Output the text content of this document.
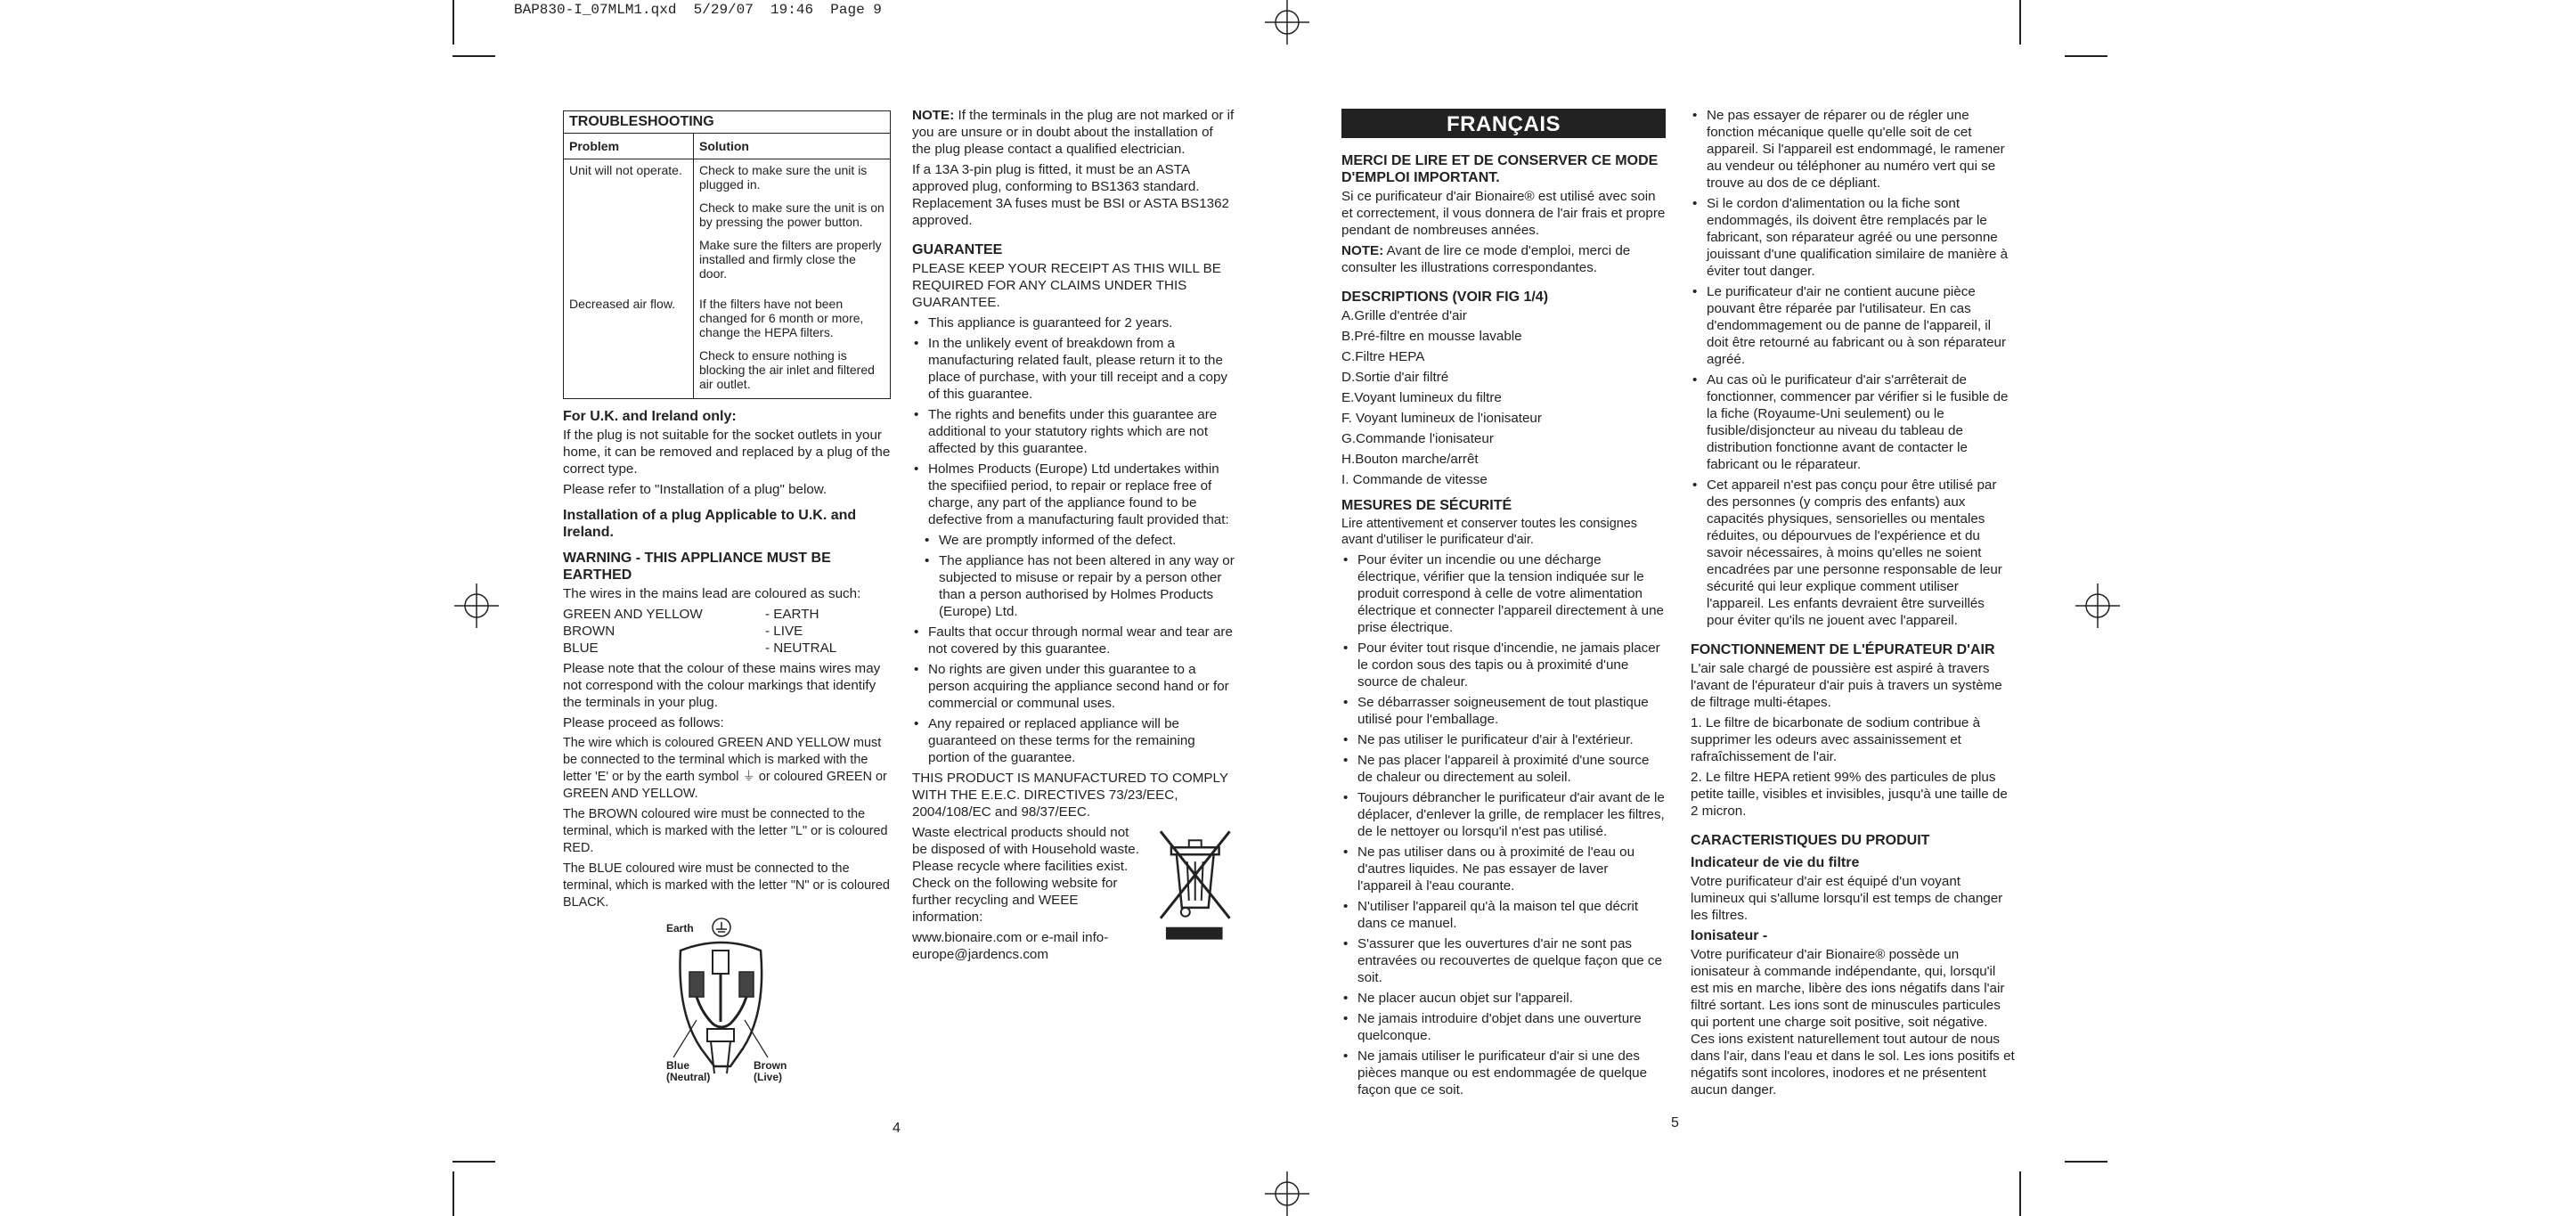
BAP830-I_07MLM1.qxd  5/29/07  19:46  Page 9
TROUBLESHOOTING
Problem	Solution
Unit will not operate.	Check to make sure the unit is plugged in.

Check to make sure the unit is on by pressing the power button.

Make sure the filters are properly installed and firmly close the door.

Decreased air flow.	If the filters have not been changed for 6 month or more, change the HEPA filters.

Check to ensure nothing is blocking the air inlet and filtered air outlet.

For U.K. and Ireland only:

If the plug is not suitable for the socket outlets in your home, it can be removed and replaced by a plug of the correct type.

Please refer to "Installation of a plug" below.

Installation of a plug Applicable to U.K. and Ireland.
WARNING - THIS APPLIANCE MUST BE EARTHED

The wires in the mains lead are coloured as such:

GREEN AND YELLOW	- EARTH
BROWN	- LIVE
BLUE	- NEUTRAL

Please note that the colour of these mains wires may not correspond with the colour markings that identify the terminals in your plug.

Please proceed as follows:

The wire which is coloured GREEN AND YELLOW must be connected to the terminal which is marked with the letter 'E' or by the earth symbol ⏚ or coloured GREEN or GREEN AND YELLOW.

The BROWN coloured wire must be connected to the terminal, which is marked with the letter "L" or is coloured RED.

The BLUE coloured wire must be connected to the terminal, which is marked with the letter "N" or is coloured BLACK.

Earth
Blue
(Neutral)
Brown
(Live)

NOTE: If the terminals in the plug are not marked or if you are unsure or in doubt about the installation of the plug please contact a qualified electrician.

If a 13A 3-pin plug is fitted, it must be an ASTA approved plug, conforming to BS1363 standard. Replacement 3A fuses must be BSI or ASTA BS1362 approved.

GUARANTEE

PLEASE KEEP YOUR RECEIPT AS THIS WILL BE REQUIRED FOR ANY CLAIMS UNDER THIS GUARANTEE.

• This appliance is guaranteed for 2 years.
• In the unlikely event of breakdown from a manufacturing related fault, please return it to the place of purchase, with your till receipt and a copy of this guarantee.
• The rights and benefits under this guarantee are additional to your statutory rights which are not affected by this guarantee.
• Holmes Products (Europe) Ltd undertakes within the specifiied period, to repair or replace free of charge, any part of the appliance found to be defective from a manufacturing fault provided that:
• We are promptly informed of the defect.
• The appliance has not been altered in any way or subjected to misuse or repair by a person other than a person authorised by Holmes Products (Europe) Ltd.
• Faults that occur through normal wear and tear are not covered by this guarantee.
• No rights are given under this guarantee to a person acquiring the appliance second hand or for commercial or communal uses.
• Any repaired or replaced appliance will be guaranteed on these terms for the remaining portion of the guarantee.

THIS PRODUCT IS MANUFACTURED TO COMPLY WITH THE E.E.C. DIRECTIVES 73/23/EEC, 2004/108/EC and 98/37/EEC.

Waste electrical products should not be disposed of with Household waste. Please recycle where facilities exist. Check on the following website for further recycling and WEEE information:

www.bionaire.com or e-mail info-europe@jardencs.com

FRANÇAIS
MERCI DE LIRE ET DE CONSERVER CE MODE D'EMPLOI IMPORTANT.

Si ce purificateur d'air Bionaire® est utilisé avec soin et correctement, il vous donnera de l'air frais et propre pendant de nombreuses années.

NOTE: Avant de lire ce mode d'emploi, merci de consulter les illustrations correspondantes.

DESCRIPTIONS (VOIR FIG 1/4)
A.Grille d'entrée d'air
B.Pré-filtre en mousse lavable
C.Filtre HEPA
D.Sortie d'air filtré
E.Voyant lumineux du filtre
F. Voyant lumineux de l'ionisateur
G.Commande l'ionisateur
H.Bouton marche/arrêt
I. Commande de vitesse
MESURES DE SÉCURITÉ

Lire attentivement et conserver toutes les consignes avant d'utiliser le purificateur d'air.

• Pour éviter un incendie ou une décharge électrique, vérifier que la tension indiquée sur le produit correspond à celle de votre alimentation électrique et connecter l'appareil directement à une prise électrique.
• Pour éviter tout risque d'incendie, ne jamais placer le cordon sous des tapis ou à proximité d'une source de chaleur.
• Se débarrasser soigneusement de tout plastique utilisé pour l'emballage.
• Ne pas utiliser le purificateur d'air à l'extérieur.
• Ne pas placer l'appareil à proximité d'une source de chaleur ou directement au soleil.
• Toujours débrancher le purificateur d'air avant de le déplacer, d'enlever la grille, de remplacer les filtres, de le nettoyer ou lorsqu'il n'est pas utilisé.
• Ne pas utiliser dans ou à proximité de l'eau ou d'autres liquides. Ne pas essayer de laver l'appareil à l'eau courante.
• N'utiliser l'appareil qu'à la maison tel que décrit dans ce manuel.
• S'assurer que les ouvertures d'air ne sont pas entravées ou recouvertes de quelque façon que ce soit.
• Ne placer aucun objet sur l'appareil.
• Ne jamais introduire d'objet dans une ouverture quelconque.
• Ne jamais utiliser le purificateur d'air si une des pièces manque ou est endommagée de quelque façon que ce soit.
• Ne pas essayer de réparer ou de régler une fonction mécanique quelle qu'elle soit de cet appareil. Si l'appareil est endommagé, le ramener au vendeur ou téléphoner au numéro vert qui se trouve au dos de ce dépliant.
• Si le cordon d'alimentation ou la fiche sont endommagés, ils doivent être remplacés par le fabricant, son réparateur agréé ou une personne jouissant d'une qualification similaire de manière à éviter tout danger.
• Le purificateur d'air ne contient aucune pièce pouvant être réparée par l'utilisateur. En cas d'endommagement ou de panne de l'appareil, il doit être retourné au fabricant ou à son réparateur agréé.
• Au cas où le purificateur d'air s'arrêterait de fonctionner, commencer par vérifier si le fusible de la fiche (Royaume-Uni seulement) ou le fusible/disjoncteur au niveau du tableau de distribution fonctionne avant de contacter le fabricant ou le réparateur.
• Cet appareil n'est pas conçu pour être utilisé par des personnes (y compris des enfants) aux capacités physiques, sensorielles ou mentales réduites, ou dépourvues de l'expérience et du savoir nécessaires, à moins qu'elles ne soient encadrées par une personne responsable de leur sécurité qui leur explique comment utiliser l'appareil. Les enfants devraient être surveillés pour éviter qu'ils ne jouent avec l'appareil.
FONCTIONNEMENT DE L'ÉPURATEUR D'AIR

L'air sale chargé de poussière est aspiré à travers l'avant de l'épurateur d'air puis à travers un système de filtrage multi-étapes.

1. Le filtre de bicarbonate de sodium contribue à supprimer les odeurs avec assainissement et rafraîchissement de l'air.
2. Le filtre HEPA retient 99% des particules de plus petite taille, visibles et invisibles, jusqu'à une taille de 2 micron.
CARACTERISTIQUES DU PRODUIT
Indicateur de vie du filtre

Votre purificateur d'air est équipé d'un voyant lumineux qui s'allume lorsqu'il est temps de changer les filtres.

Ionisateur -

Votre purificateur d'air Bionaire® possède un ionisateur à commande indépendante, qui, lorsqu'il est mis en marche, libère des ions négatifs dans l'air filtré sortant. Les ions sont de minuscules particules qui portent une charge soit positive, soit négative. Ces ions existent naturellement tout autour de nous dans l'air, dans l'eau et dans le sol. Les ions positifs et négatifs sont incolores, inodores et ne présentent aucun danger.

4	5
